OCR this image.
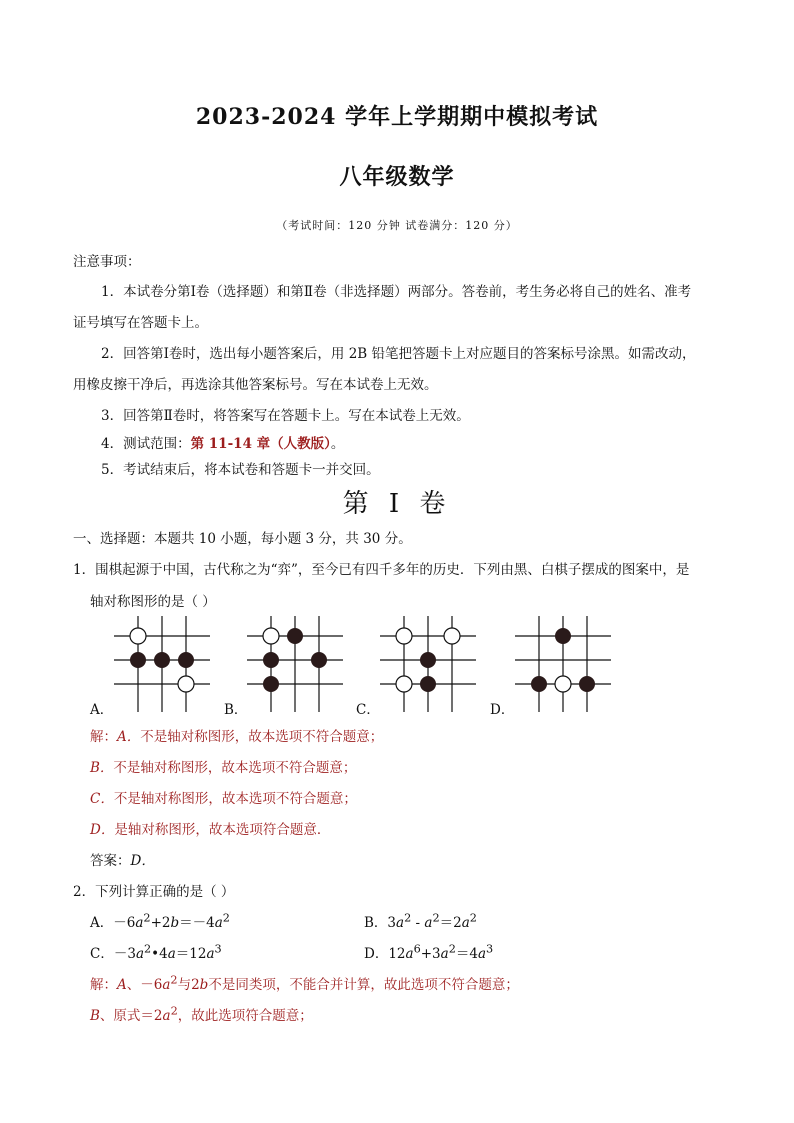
2023-2024 学年上学期期中模拟考试
八年级数学
（考试时间：120 分钟 试卷满分：120 分）
注意事项：
1．本试卷分第Ⅰ卷（选择题）和第Ⅱ卷（非选择题）两部分。答卷前，考生务必将自己的姓名、准考
证号填写在答题卡上。
2．回答第Ⅰ卷时，选出每小题答案后，用 2B 铅笔把答题卡上对应题目的答案标号涂黑。如需改动，
用橡皮擦干净后，再选涂其他答案标号。写在本试卷上无效。
3．回答第Ⅱ卷时，将答案写在答题卡上。写在本试卷上无效。
4．测试范围：第 11-14 章（人教版）。
5．考试结束后，将本试卷和答题卡一并交回。
第 I 卷
一、选择题：本题共 10 小题，每小题 3 分，共 30 分。
1．围棋起源于中国，古代称之为“弈”，至今已有四千多年的历史．下列由黑、白棋子摆成的图案中，是
轴对称图形的是（ ）
A．	B．	C．	D．
解：A．不是轴对称图形，故本选项不符合题意；
B．不是轴对称图形，故本选项不符合题意；
C．不是轴对称图形，故本选项不符合题意；
D．是轴对称图形，故本选项符合题意．
答案：D．
2．下列计算正确的是（ ）
A．$-6a^2+2b=-4a^2$	B．$3a^2 - a^2=2a^2$
C．$-3a^2•4a=12a^3$	D．$12a^6+3a^2=4a^3$
解：A、$-6a^2$与2b不是同类项，不能合并计算，故此选项不符合题意；
B、原式$=2a^2$，故此选项符合题意；
